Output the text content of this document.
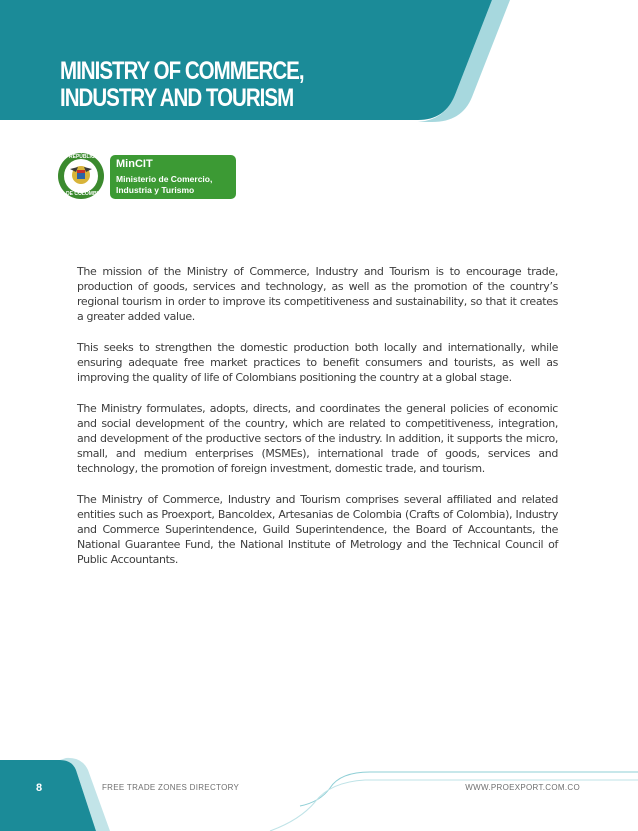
MINISTRY OF COMMERCE,
INDUSTRY AND TOURISM
REPÚBLICA
DE COLOMBIA
MinCIT
Ministerio de Comercio,
Industria y Turismo

The mission of the Ministry of Commerce, Industry and Tourism is to encourage trade, production of goods, services and technology, as well as the promotion of the country’s regional tourism in order to improve its competitiveness and sustainability, so that it creates a greater added value.

This seeks to strengthen the domestic production both locally and internationally, while ensuring adequate free market practices to benefit consumers and tourists, as well as improving the quality of life of Colombians positioning the country at a global stage.

The Ministry formulates, adopts, directs, and coordinates the general policies of economic and social development of the country, which are related to competitiveness, integration, and development of the productive sectors of the industry. In addition, it supports the micro, small, and medium enterprises (MSMEs), international trade of goods, services and technology, the promotion of foreign investment, domestic trade, and tourism.

The Ministry of Commerce, Industry and Tourism comprises several affiliated and related entities such as Proexport, Bancoldex, Artesanias de Colombia (Crafts of Colombia), Industry and Commerce Superintendence, Guild Superintendence, the Board of Accountants, the National Guarantee Fund, the National Institute of Metrology and the Technical Council of Public Accountants.

8	FREE TRADE ZONES DIRECTORY	WWW.PROEXPORT.COM.CO
